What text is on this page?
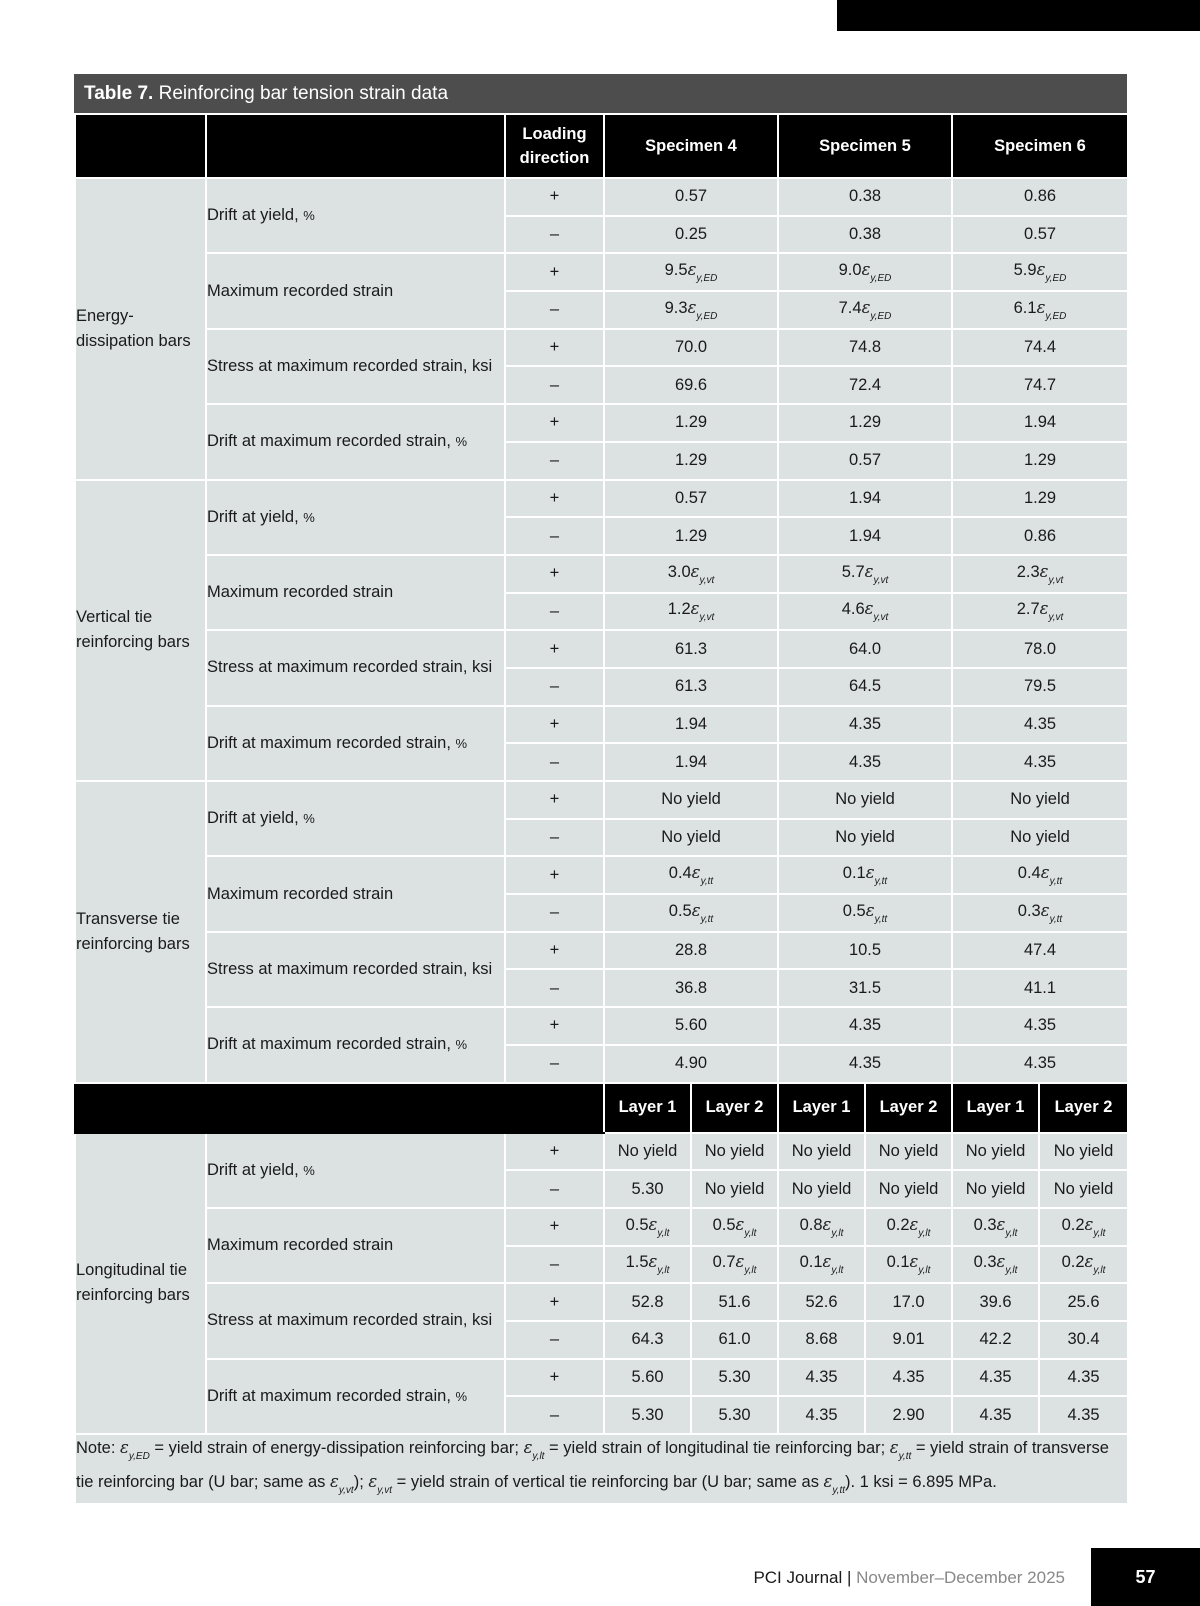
Table 7. Reinforcing bar tension strain data
		Loading direction	Specimen 4		Specimen 5		Specimen 6	
Energy-dissipation bars	Drift at yield, %	+	0.57		0.38		0.86	
		–	0.25		0.38		0.57	
	Maximum recorded strain	+	$9.5\varepsilon_{y,ED}$		$9.0\varepsilon_{y,ED}$		$5.9\varepsilon_{y,ED}$
		–	$9.3\varepsilon_{y,ED}$		$7.4\varepsilon_{y,ED}$		$6.1\varepsilon_{y,ED}$
	Stress at maximum recorded strain, ksi	+	70.0		74.8		74.4	
		–	69.6		72.4		74.7	
	Drift at maximum recorded strain, %	+	1.29		1.29		1.94	
		–	1.29		0.57		1.29	
Vertical tie reinforcing bars	Drift at yield, %	+	0.57		1.94		1.29	
		–	1.29		1.94		0.86	
	Maximum recorded strain	+	$3.0\varepsilon_{y,vt}$		$5.7\varepsilon_{y,vt}$		$2.3\varepsilon_{y,vt}$
		–	$1.2\varepsilon_{y,vt}$		$4.6\varepsilon_{y,vt}$		$2.7\varepsilon_{y,vt}$
	Stress at maximum recorded strain, ksi	+	61.3		64.0		78.0	
		–	61.3		64.5		79.5	
	Drift at maximum recorded strain, %	+	1.94		4.35		4.35	
		–	1.94		4.35		4.35	
Transverse tie reinforcing bars	Drift at yield, %	+	No yield		No yield		No yield	
		–	No yield		No yield		No yield	
	Maximum recorded strain	+	$0.4\varepsilon_{y,tt}$		$0.1\varepsilon_{y,tt}$		$0.4\varepsilon_{y,tt}$
		–	$0.5\varepsilon_{y,tt}$		$0.5\varepsilon_{y,tt}$		$0.3\varepsilon_{y,tt}$
	Stress at maximum recorded strain, ksi	+	28.8		10.5		47.4	
		–	36.8		31.5		41.1	
	Drift at maximum recorded strain, %	+	5.60		4.35		4.35	
		–	4.90		4.35		4.35	
			Layer 1	Layer 2	Layer 1	Layer 2	Layer 1	Layer 2
Longitudinal tie reinforcing bars	Drift at yield, %	+	No yield	No yield	No yield	No yield	No yield	No yield
		–	5.30	No yield	No yield	No yield	No yield	No yield
	Maximum recorded strain	+	$0.5\varepsilon_{y,lt}$	$0.5\varepsilon_{y,lt}$	$0.8\varepsilon_{y,lt}$	$0.2\varepsilon_{y,lt}$	$0.3\varepsilon_{y,lt}$	$0.2\varepsilon_{y,lt}$
		–	$1.5\varepsilon_{y,lt}$	$0.7\varepsilon_{y,lt}$	$0.1\varepsilon_{y,lt}$	$0.1\varepsilon_{y,lt}$	$0.3\varepsilon_{y,lt}$	$0.2\varepsilon_{y,lt}$
	Stress at maximum recorded strain, ksi	+	52.8	51.6	52.6	17.0	39.6	25.6
		–	64.3	61.0	8.68	9.01	42.2	30.4
	Drift at maximum recorded strain, %	+	5.60	5.30	4.35	4.35	4.35	4.35
		–	5.30	5.30	4.35	2.90	4.35	4.35
Note: $\varepsilon_{y,ED}$ = yield strain of energy-dissipation reinforcing bar; $\varepsilon_{y,lt}$ = yield strain of longitudinal tie reinforcing bar; $\varepsilon_{y,tt}$ = yield strain of transverse tie reinforcing bar (U bar; same as $\varepsilon_{y,vt}$); $\varepsilon_{y,vt}$ = yield strain of vertical tie reinforcing bar (U bar; same as $\varepsilon_{y,tt}$). 1 ksi = 6.895 MPa.								
PCI Journal | November–December 2025	57
